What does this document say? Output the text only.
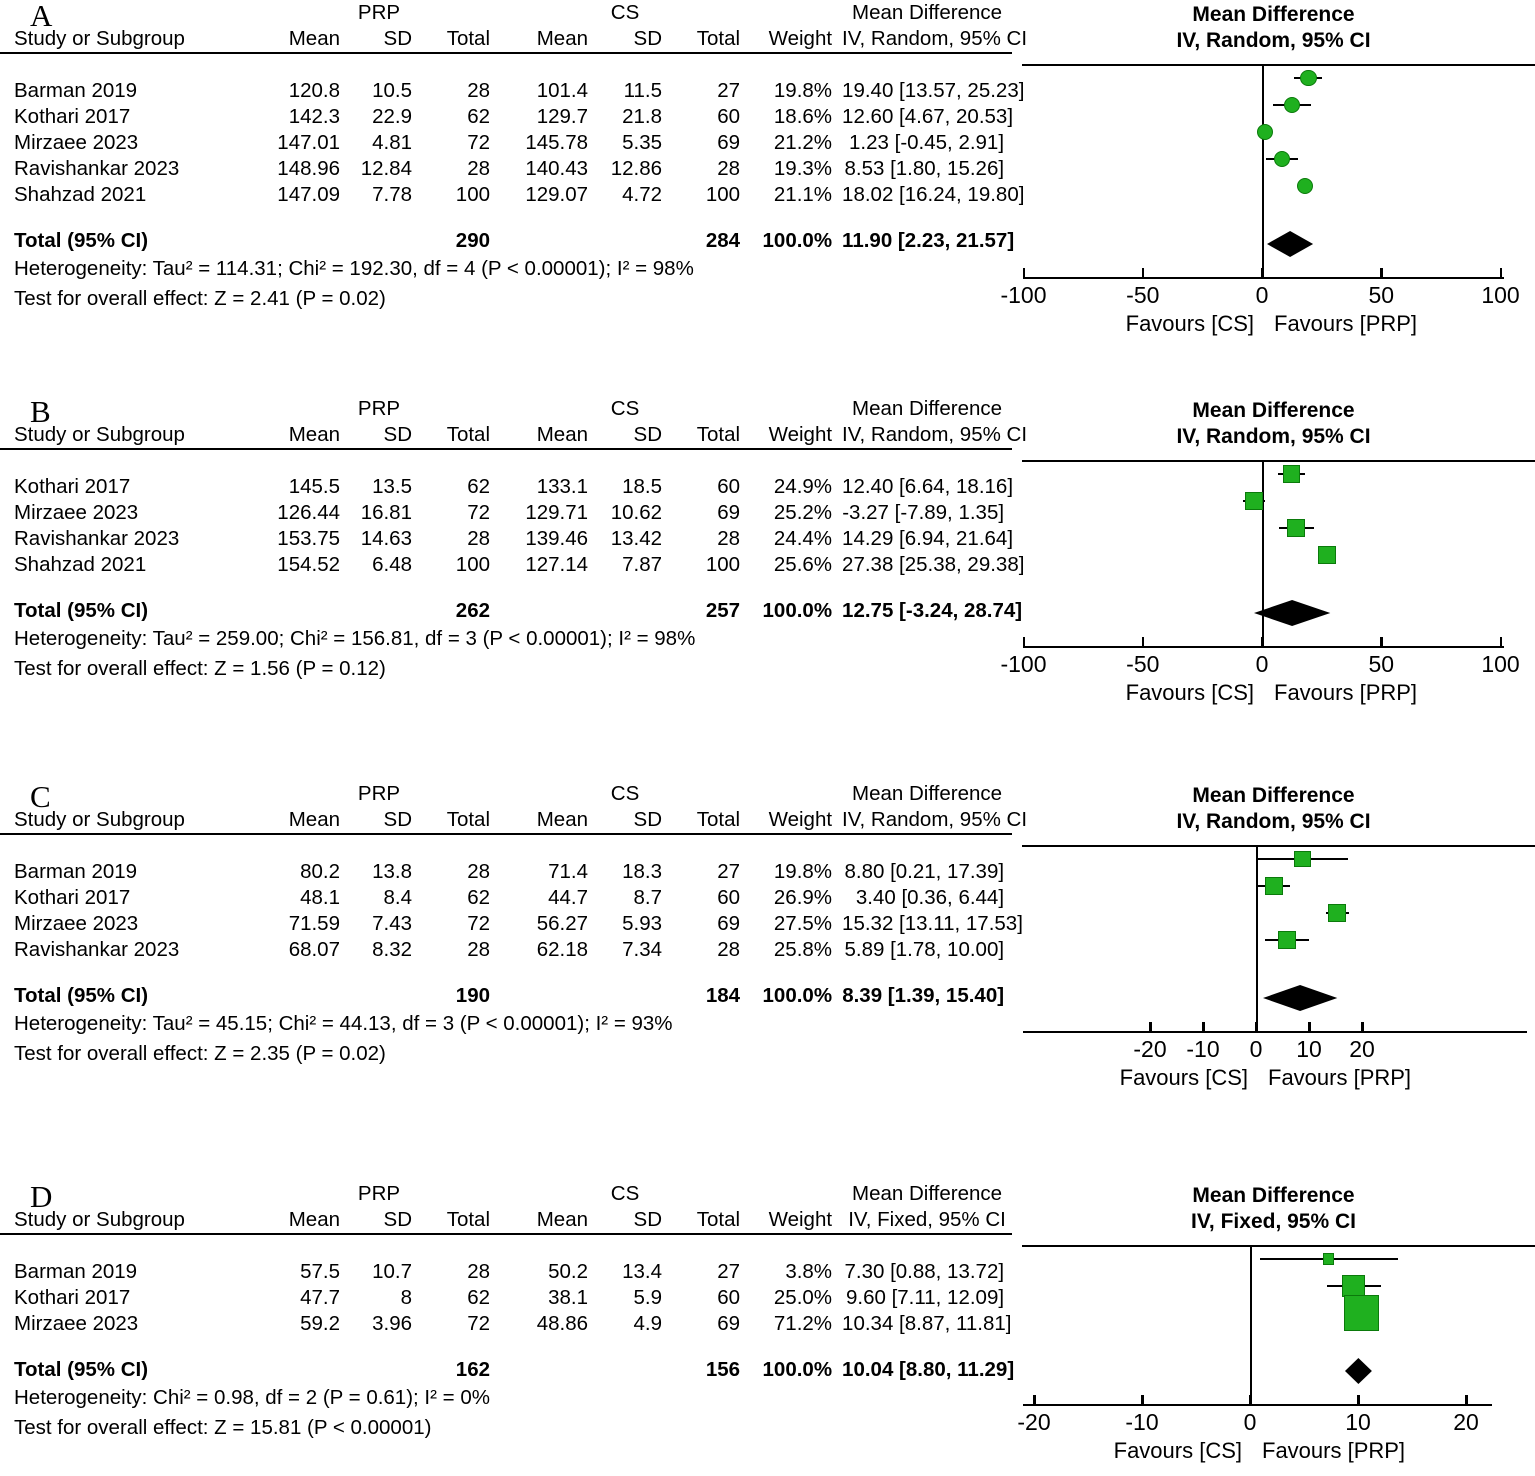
	PRP			CS				Mean Difference
Study or Subgroup	Mean	SD	Total	Mean	SD	Total	Weight	IV, Random, 95% CI

Barman 2019	120.8	10.5	28	101.4	11.5	27	19.8%	19.40 [13.57, 25.23]
Kothari 2017	142.3	22.9	62	129.7	21.8	60	18.6%	12.60 [4.67, 20.53]
Mirzaee 2023	147.01	4.81	72	145.78	5.35	69	21.2%	1.23 [-0.45, 2.91]
Ravishankar 2023	148.96	12.84	28	140.43	12.86	28	19.3%	8.53 [1.80, 15.26]
Shahzad 2021	147.09	7.78	100	129.07	4.72	100	21.1%	18.02 [16.24, 19.80]

Total (95% CI)			290			284	100.0%	11.90 [2.23, 21.57]
Heterogeneity: Tau² = 114.31; Chi² = 192.30, df = 4 (P < 0.00001); I² = 98%								
Test for overall effect: Z = 2.41 (P = 0.02)								
Mean Difference
IV, Random, 95% CI
-100	-50	0	50	100
Favours [CS] Favours [PRP]
A
	PRP			CS				Mean Difference
Study or Subgroup	Mean	SD	Total	Mean	SD	Total	Weight	IV, Random, 95% CI

Kothari 2017	145.5	13.5	62	133.1	18.5	60	24.9%	12.40 [6.64, 18.16]
Mirzaee 2023	126.44	16.81	72	129.71	10.62	69	25.2%	-3.27 [-7.89, 1.35]
Ravishankar 2023	153.75	14.63	28	139.46	13.42	28	24.4%	14.29 [6.94, 21.64]
Shahzad 2021	154.52	6.48	100	127.14	7.87	100	25.6%	27.38 [25.38, 29.38]

Total (95% CI)			262			257	100.0%	12.75 [-3.24, 28.74]
Heterogeneity: Tau² = 259.00; Chi² = 156.81, df = 3 (P < 0.00001); I² = 98%								
Test for overall effect: Z = 1.56 (P = 0.12)								
Mean Difference
IV, Random, 95% CI
-100	-50	0	50	100
Favours [CS] Favours [PRP]
B
	PRP			CS				Mean Difference
Study or Subgroup	Mean	SD	Total	Mean	SD	Total	Weight	IV, Random, 95% CI

Barman 2019	80.2	13.8	28	71.4	18.3	27	19.8%	8.80 [0.21, 17.39]
Kothari 2017	48.1	8.4	62	44.7	8.7	60	26.9%	3.40 [0.36, 6.44]
Mirzaee 2023	71.59	7.43	72	56.27	5.93	69	27.5%	15.32 [13.11, 17.53]
Ravishankar 2023	68.07	8.32	28	62.18	7.34	28	25.8%	5.89 [1.78, 10.00]

Total (95% CI)			190			184	100.0%	8.39 [1.39, 15.40]
Heterogeneity: Tau² = 45.15; Chi² = 44.13, df = 3 (P < 0.00001); I² = 93%								
Test for overall effect: Z = 2.35 (P = 0.02)								
Mean Difference
IV, Random, 95% CI
-20 -10 0 10 20
Favours [CS] Favours [PRP]
C
	PRP			CS				Mean Difference
Study or Subgroup	Mean	SD	Total	Mean	SD	Total	Weight	IV, Fixed, 95% CI

Barman 2019	57.5	10.7	28	50.2	13.4	27	3.8%	7.30 [0.88, 13.72]
Kothari 2017	47.7	8	62	38.1	5.9	60	25.0%	9.60 [7.11, 12.09]
Mirzaee 2023	59.2	3.96	72	48.86	4.9	69	71.2%	10.34 [8.87, 11.81]

Total (95% CI)			162			156	100.0%	10.04 [8.80, 11.29]
Heterogeneity: Chi² = 0.98, df = 2 (P = 0.61); I² = 0%								
Test for overall effect: Z = 15.81 (P < 0.00001)								
Mean Difference
IV, Fixed, 95% CI
-20	-10	0	10	20
Favours [CS] Favours [PRP]
D
